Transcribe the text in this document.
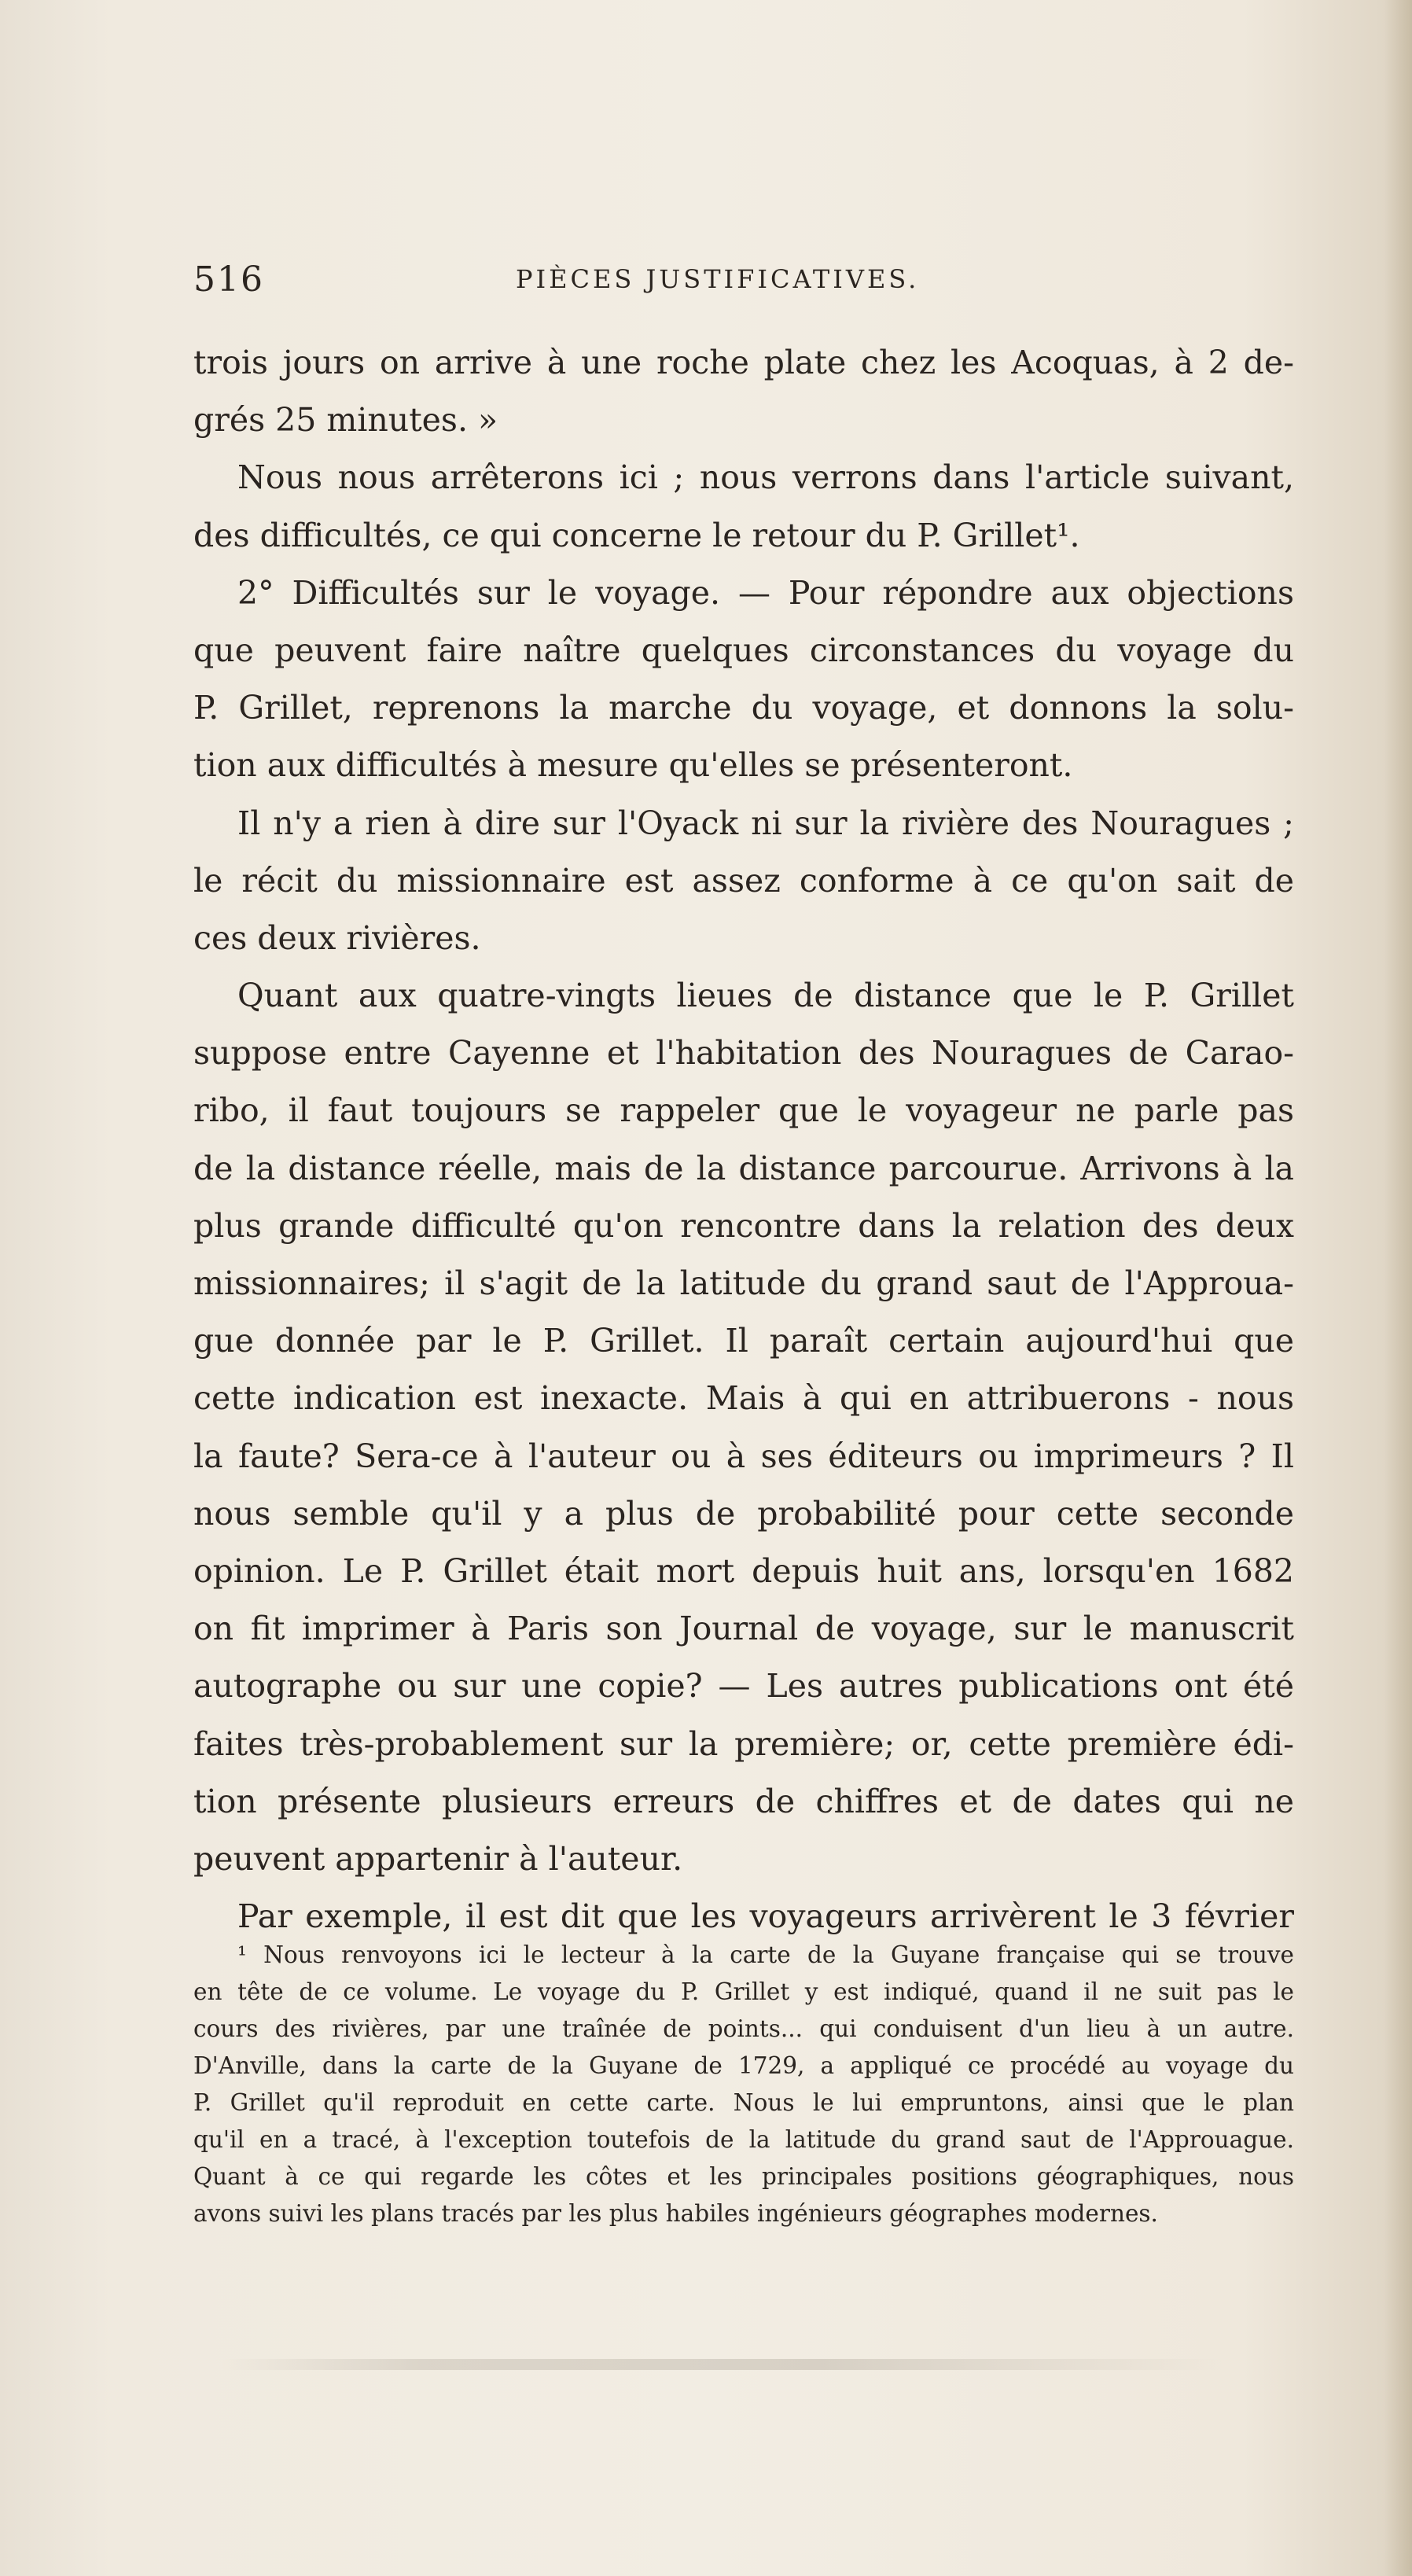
516	PIÈCES JUSTIFICATIVES.
trois jours on arrive à une roche plate chez les Acoquas, à 2 de-
grés 25 minutes. »
Nous nous arrêterons ici ; nous verrons dans l'article suivant,
des difficultés, ce qui concerne le retour du P. Grillet¹.
2° Difficultés sur le voyage. — Pour répondre aux objections
que peuvent faire naître quelques circonstances du voyage du
P. Grillet, reprenons la marche du voyage, et donnons la solu-
tion aux difficultés à mesure qu'elles se présenteront.
Il n'y a rien à dire sur l'Oyack ni sur la rivière des Nouragues ;
le récit du missionnaire est assez conforme à ce qu'on sait de
ces deux rivières.
Quant aux quatre-vingts lieues de distance que le P. Grillet
suppose entre Cayenne et l'habitation des Nouragues de Carao-
ribo, il faut toujours se rappeler que le voyageur ne parle pas
de la distance réelle, mais de la distance parcourue. Arrivons à la
plus grande difficulté qu'on rencontre dans la relation des deux
missionnaires; il s'agit de la latitude du grand saut de l'Approua-
gue donnée par le P. Grillet. Il paraît certain aujourd'hui que
cette indication est inexacte. Mais à qui en attribuerons - nous
la faute? Sera-ce à l'auteur ou à ses éditeurs ou imprimeurs ? Il
nous semble qu'il y a plus de probabilité pour cette seconde
opinion. Le P. Grillet était mort depuis huit ans, lorsqu'en 1682
on fit imprimer à Paris son Journal de voyage, sur le manuscrit
autographe ou sur une copie? — Les autres publications ont été
faites très-probablement sur la première; or, cette première édi-
tion présente plusieurs erreurs de chiffres et de dates qui ne
peuvent appartenir à l'auteur.
Par exemple, il est dit que les voyageurs arrivèrent le 3 février
¹ Nous renvoyons ici le lecteur à la carte de la Guyane française qui se trouve
en tête de ce volume. Le voyage du P. Grillet y est indiqué, quand il ne suit pas le
cours des rivières, par une traînée de points... qui conduisent d'un lieu à un autre.
D'Anville, dans la carte de la Guyane de 1729, a appliqué ce procédé au voyage du
P. Grillet qu'il reproduit en cette carte. Nous le lui empruntons, ainsi que le plan
qu'il en a tracé, à l'exception toutefois de la latitude du grand saut de l'Approuague.
Quant à ce qui regarde les côtes et les principales positions géographiques, nous
avons suivi les plans tracés par les plus habiles ingénieurs géographes modernes.
